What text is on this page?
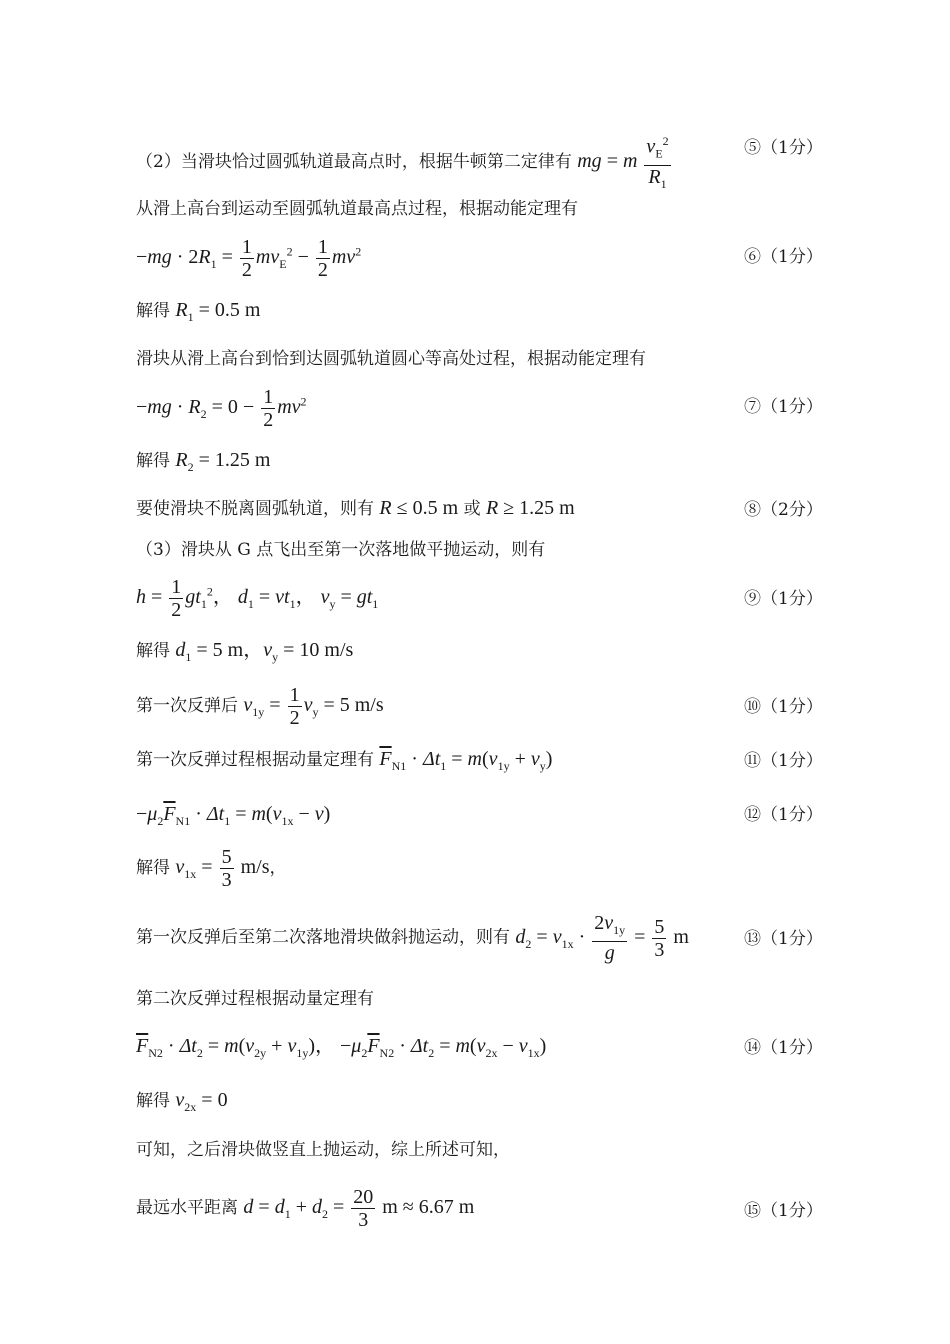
（2）当滑块恰过圆弧轨道最高点时，根据牛顿第二定律有 mg = m $\frac{v_E^2}{R_1}$	⑤（1分）
从滑上高台到运动至圆弧轨道最高点过程，根据动能定理有
$-mg \cdot 2R_1 = \frac{1}{2} mv_E^2 - \frac{1}{2} mv^2$	⑥（1分）
解得 $R_1 = 0.5$ m
滑块从滑上高台到恰到达圆弧轨道圆心等高处过程，根据动能定理有
$-mg \cdot R_2 = 0 - \frac{1}{2} mv^2$	⑦（1分）
解得 $R_2 = 1.25$ m
要使滑块不脱离圆弧轨道，则有 R ≤ 0.5 m 或 R ≥ 1.25 m	⑧（2分）
（3）滑块从 G 点飞出至第一次落地做平抛运动，则有
$h = \frac{1}{2} gt_1^2$， $d_1 = vt_1$， $v_y = gt_1$	⑨（1分）
解得 $d_1 = 5$ m，$v_y = 10$ m/s
第一次反弹后 $v_{1y} = \frac{1}{2} v_y = 5$ m/s	⑩（1分）
第一次反弹过程根据动量定理有 $\overline{F}_{N1} \cdot \Delta t_1 = m(v_{1y} + v_y)$	⑪（1分）
$-\mu_2\overline{F}_{N1} \cdot \Delta t_1 = m(v_{1x} - v)$	⑫（1分）
解得 $v_{1x} = \frac{5}{3} m/s$，
第一次反弹后至第二次落地滑块做斜抛运动，则有 $d_2 = v_{1x} \cdot \frac{2v_{1y}}{g} = \frac{5}{3}$ m	⑬（1分）
第二次反弹过程根据动量定理有
$\overline{F}_{N2} \cdot \Delta t_2 = m(v_{2y} + v_{1y})$， $-\mu_2\overline{F}_{N2} \cdot \Delta t_2 = m(v_{2x} - v_{1x})$	⑭（1分）
解得 $v_{2x} = 0$
可知，之后滑块做竖直上抛运动，综上所述可知，
最远水平距离 $d = d_1 + d_2 = \frac{20}{3}$ m ≈ 6.67 m	⑮（1分）
